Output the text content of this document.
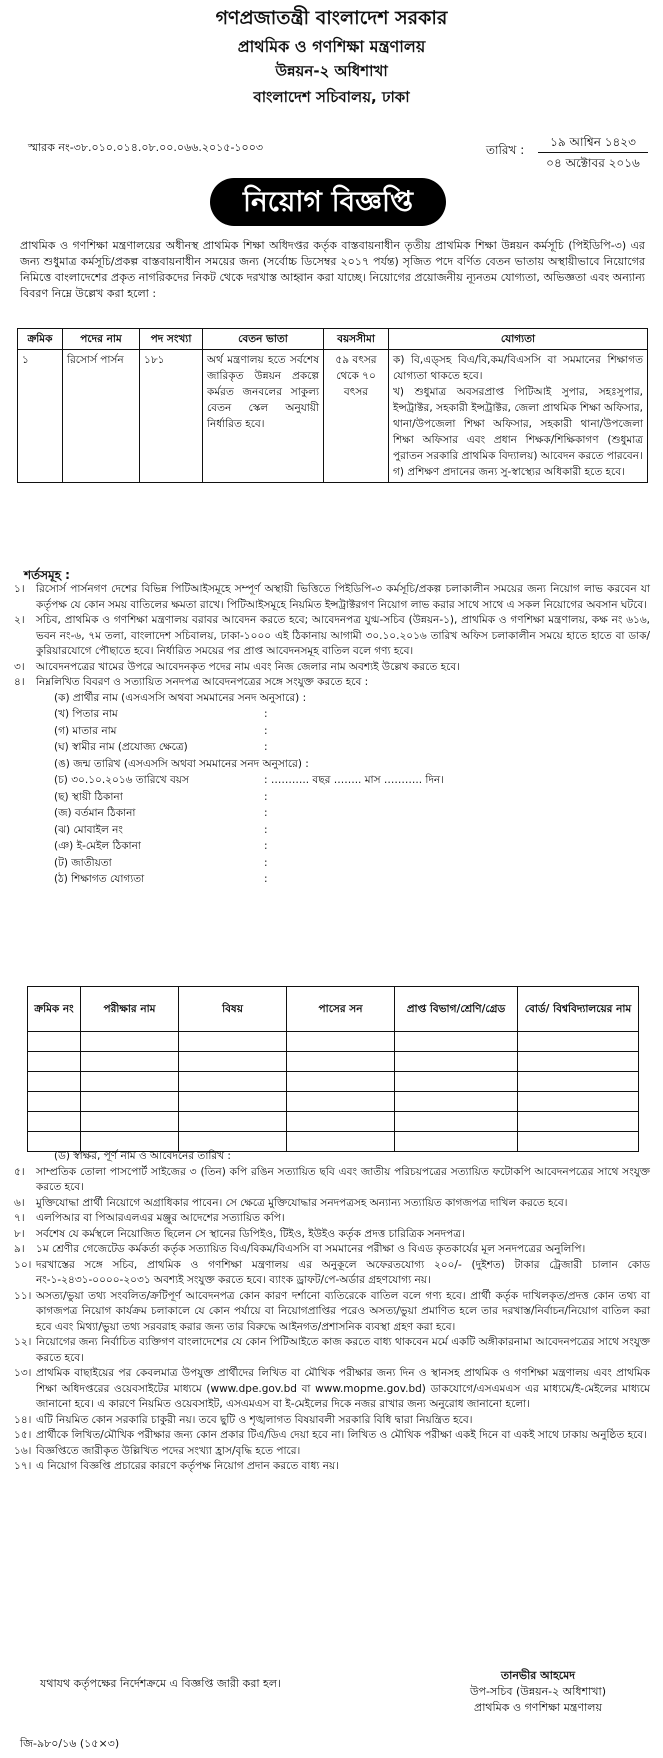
গণপ্রজাতন্ত্রী বাংলাদেশ সরকার
প্রাথমিক ও গণশিক্ষা মন্ত্রণালয়
উন্নয়ন-২ অধিশাখা
বাংলাদেশ সচিবালয়, ঢাকা
স্মারক নং-৩৮.০১০.০১৪.০৮.০০.০৬৬.২০১৫-১০০৩	তারিখ :
১৯ আশ্বিন ১৪২৩
০৪ অক্টোবর ২০১৬
নিয়োগ বিজ্ঞপ্তি
প্রাথমিক ও গণশিক্ষা মন্ত্রণালয়ের অধীনস্থ প্রাথমিক শিক্ষা অধিদপ্তর কর্তৃক বাস্তবায়নাধীন তৃতীয় প্রাথমিক শিক্ষা উন্নয়ন কর্মসূচি (পিইডিপি-৩) এর জন্য শুধুমাত্র কর্মসূচি/প্রকল্প বাস্তবায়নাধীন সময়ের জন্য (সর্বোচ্চ ডিসেম্বর ২০১৭ পর্যন্ত) সৃজিত পদে বর্ণিত বেতন ভাতায় অস্থায়ীভাবে নিয়োগের নিমিত্তে বাংলাদেশের প্রকৃত নাগরিকদের নিকট থেকে দরখাস্ত আহ্বান করা যাচ্ছে। নিয়োগের প্রয়োজনীয় ন্যূনতম যোগ্যতা, অভিজ্ঞতা এবং অন্যান্য বিবরণ নিম্নে উল্লেখ করা হলো :
ক্রমিক	পদের নাম	পদ সংখ্যা	বেতন ভাতা	বয়সসীমা	যোগ্যতা
১	রিসোর্স পার্সন	১৮১	অর্থ মন্ত্রণালয় হতে সর্বশেষ জারিকৃত উন্নয়ন প্রকল্পে কর্মরত জনবলের সাকুল্য বেতন স্কেল অনুযায়ী নির্ধারিত হবে।	৫৯ বৎসর থেকে ৭০ বৎসর	ক) বি,এড্সহ বিএ/বি,কম/বিএসসি বা সমমানের শিক্ষাগত যোগ্যতা থাকতে হবে।
খ) শুধুমাত্র অবসরপ্রাপ্ত পিটিআই সুপার, সহঃসুপার, ইন্সট্রাক্টর, সহকারী ইন্সট্রাক্টর, জেলা প্রাথমিক শিক্ষা অফিসার, থানা/উপজেলা শিক্ষা অফিসার, সহকারী থানা/উপজেলা শিক্ষা অফিসার এবং প্রধান শিক্ষক/শিক্ষিকাগণ (শুধুমাত্র পুরাতন সরকারি প্রাথমিক বিদ্যালয়) আবেদন করতে পারবেন।
গ) প্রশিক্ষণ প্রদানের জন্য সু-স্বাস্থ্যের অধিকারী হতে হবে।
শর্তসমূহ :
১।	রিসোর্স পার্সনগণ দেশের বিভিন্ন পিটিআইসমূহে সম্পূর্ণ অস্থায়ী ভিত্তিতে পিইডিপি-৩ কর্মসূচি/প্রকল্প চলাকালীন সময়ের জন্য নিয়োগ লাভ করবেন যা কর্তৃপক্ষ যে কোন সময় বাতিলের ক্ষমতা রাখে। পিটিআইসমূহে নিয়মিত ইন্সট্রাক্টরগণ নিয়োগ লাভ করার সাথে সাথে এ সকল নিয়োগের অবসান ঘটবে।
২।	সচিব, প্রাথমিক ও গণশিক্ষা মন্ত্রণালয় বরাবর আবেদন করতে হবে; আবেদনপত্র যুগ্ম-সচিব (উন্নয়ন-১), প্রাথমিক ও গণশিক্ষা মন্ত্রণালয়, কক্ষ নং ৬১৬, ভবন নং-৬, ৭ম তলা, বাংলাদেশ সচিবালয়, ঢাকা-১০০০ এই ঠিকানায় আগামী ৩০.১০.২০১৬ তারিখ অফিস চলাকালীন সময়ে হাতে হাতে বা ডাক/কুরিয়ারযোগে পৌছাতে হবে। নির্ধারিত সময়ের পর প্রাপ্ত আবেদনসমূহ বাতিল বলে গণ্য হবে।
৩।	আবেদনপত্রের খামের উপরে আবেদনকৃত পদের নাম এবং নিজ জেলার নাম অবশ্যই উল্লেখ করতে হবে।
৪।	নিম্নলিখিত বিবরণ ও সত্যায়িত সনদপত্র আবেদনপত্রের সঙ্গে সংযুক্ত করতে হবে :
(ক) প্রার্থীর নাম (এসএসসি অথবা সমমানের সনদ অনুসারে) :
(খ) পিতার নাম	:
(গ) মাতার নাম	:
(ঘ) স্বামীর নাম (প্রযোজ্য ক্ষেত্রে)	:
(ঙ) জন্ম তারিখ (এসএসসি অথবা সমমানের সনদ অনুসারে) :
(চ) ৩০.১০.২০১৬ তারিখে বয়স	: ……….. বছর …….. মাস ……….. দিন।
(ছ) স্থায়ী ঠিকানা	:
(জ) বর্তমান ঠিকানা	:
(ঝ) মোবাইল নং	:
(ঞ) ই-মেইল ঠিকানা	:
(ট) জাতীয়তা	:
(ঠ) শিক্ষাগত যোগ্যতা	:
ক্রমিক নং	পরীক্ষার নাম	বিষয়	পাসের সন	প্রাপ্ত বিভাগ/শ্রেণি/গ্রেড	বোর্ড/ বিশ্ববিদ্যালয়ের নাম

(ড) স্বাক্ষর, পূর্ণ নাম ও আবেদনের তারিখ :
৫।	সাম্প্রতিক তোলা পাসপোর্ট সাইজের ৩ (তিন) কপি রঙিন সত্যায়িত ছবি এবং জাতীয় পরিচয়পত্রের সত্যায়িত ফটোকপি আবেদনপত্রের সাথে সংযুক্ত করতে হবে।
৬।	মুক্তিযোদ্ধা প্রার্থী নিয়োগে অগ্রাধিকার পাবেন। সে ক্ষেত্রে মুক্তিযোদ্ধার সনদপত্রসহ অন্যান্য সত্যায়িত কাগজপত্র দাখিল করতে হবে।
৭।	এলপিআর বা পিআরএলএর মঞ্জুর আদেশের সত্যায়িত কপি।
৮।	সর্বশেষ যে কর্মস্থলে নিয়োজিত ছিলেন সে স্থানের ডিপিইও, টিইও, ইউইও কর্তৃক প্রদত্ত চারিত্রিক সনদপত্র।
৯।	১ম শ্রেণীর গেজেটেড কর্মকর্তা কর্তৃক সত্যায়িত বিএ/বিকম/বিএসসি বা সমমানের পরীক্ষা ও বিএড কৃতকার্যের মূল সনদপত্রের অনুলিপি।
১০। দরখাস্তের সঙ্গে সচিব, প্রাথমিক ও গণশিক্ষা মন্ত্রণালয় এর অনুকূলে অফেরতযোগ্য ২০০/- (দুইশত) টাকার ট্রেজারী চালান কোড নং-১-২৪৩১-০০০০-২০৩১ অবশ্যই সংযুক্ত করতে হবে। ব্যাংক ড্রাফট/পে-অর্ডার গ্রহণযোগ্য নয়।
১১। অসত্য/ভুয়া তথ্য সংবলিত/ক্রটিপূর্ণ আবেদনপত্র কোন কারণ দর্শানো ব্যতিরেকে বাতিল বলে গণ্য হবে। প্রার্থী কর্তৃক দাখিলকৃত/প্রদত্ত কোন তথ্য বা কাগজপত্র নিয়োগ কার্যক্রম চলাকালে যে কোন পর্যায়ে বা নিয়োগপ্রাপ্তির পরেও অসত্য/ভুয়া প্রমাণিত হলে তার দরখাস্ত/নির্বাচন/নিয়োগ বাতিল করা হবে এবং মিথ্যা/ভুয়া তথ্য সরবরাহ করার জন্য তার বিরুদ্ধে আইনগত/প্রশাসনিক ব্যবস্থা গ্রহণ করা হবে।
১২। নিয়োগের জন্য নির্বাচিত ব্যক্তিগণ বাংলাদেশের যে কোন পিটিআইতে কাজ করতে বাধ্য থাকবেন মর্মে একটি অঙ্গীকারনামা আবেদনপত্রের সাথে সংযুক্ত করতে হবে।
১৩। প্রাথমিক বাছাইয়ের পর কেবলমাত্র উপযুক্ত প্রার্থীদের লিখিত বা মৌখিক পরীক্ষার জন্য দিন ও স্থানসহ প্রাথমিক ও গণশিক্ষা মন্ত্রণালয় এবং প্রাথমিক শিক্ষা অধিদপ্তরের ওয়েবসাইটের মাধ্যমে (www.dpe.gov.bd বা www.mopme.gov.bd) ডাকযোগে/এসএমএস এর মাধ্যমে/ই-মেইলের মাধ্যমে জানানো হবে। এ কারণে নিয়মিত ওয়েবসাইট, এসএমএস বা ই-মেইলের দিকে নজর রাখার জন্য অনুরোধ জানানো হলো।
১৪। এটি নিয়মিত কোন সরকারি চাকুরী নয়। তবে ছুটি ও শৃঙ্খলাগত বিষয়াবলী সরকারি বিধি দ্বারা নিয়ন্ত্রিত হবে।
১৫। প্রার্থীকে লিখিত/মৌখিক পরীক্ষার জন্য কোন প্রকার টিএ/ডিএ দেয়া হবে না। লিখিত ও মৌখিক পরীক্ষা একই দিনে বা একই সাথে ঢাকায় অনুষ্ঠিত হবে।
১৬। বিজ্ঞপ্তিতে জারীকৃত উল্লিখিত পদের সংখ্যা হ্রাস/বৃদ্ধি হতে পারে।
১৭। এ নিয়োগ বিজ্ঞপ্তি প্রচারের কারণে কর্তৃপক্ষ নিয়োগ প্রদান করতে বাধ্য নয়।
যথাযথ কর্তৃপক্ষের নির্দেশক্রমে এ বিজ্ঞপ্তি জারী করা হল।
তানভীর আহমেদ
উপ-সচিব (উন্নয়ন-২ অধিশাখা)
প্রাথমিক ও গণশিক্ষা মন্ত্রণালয়
জি-৯৮০/১৬ (১৫×৩)
